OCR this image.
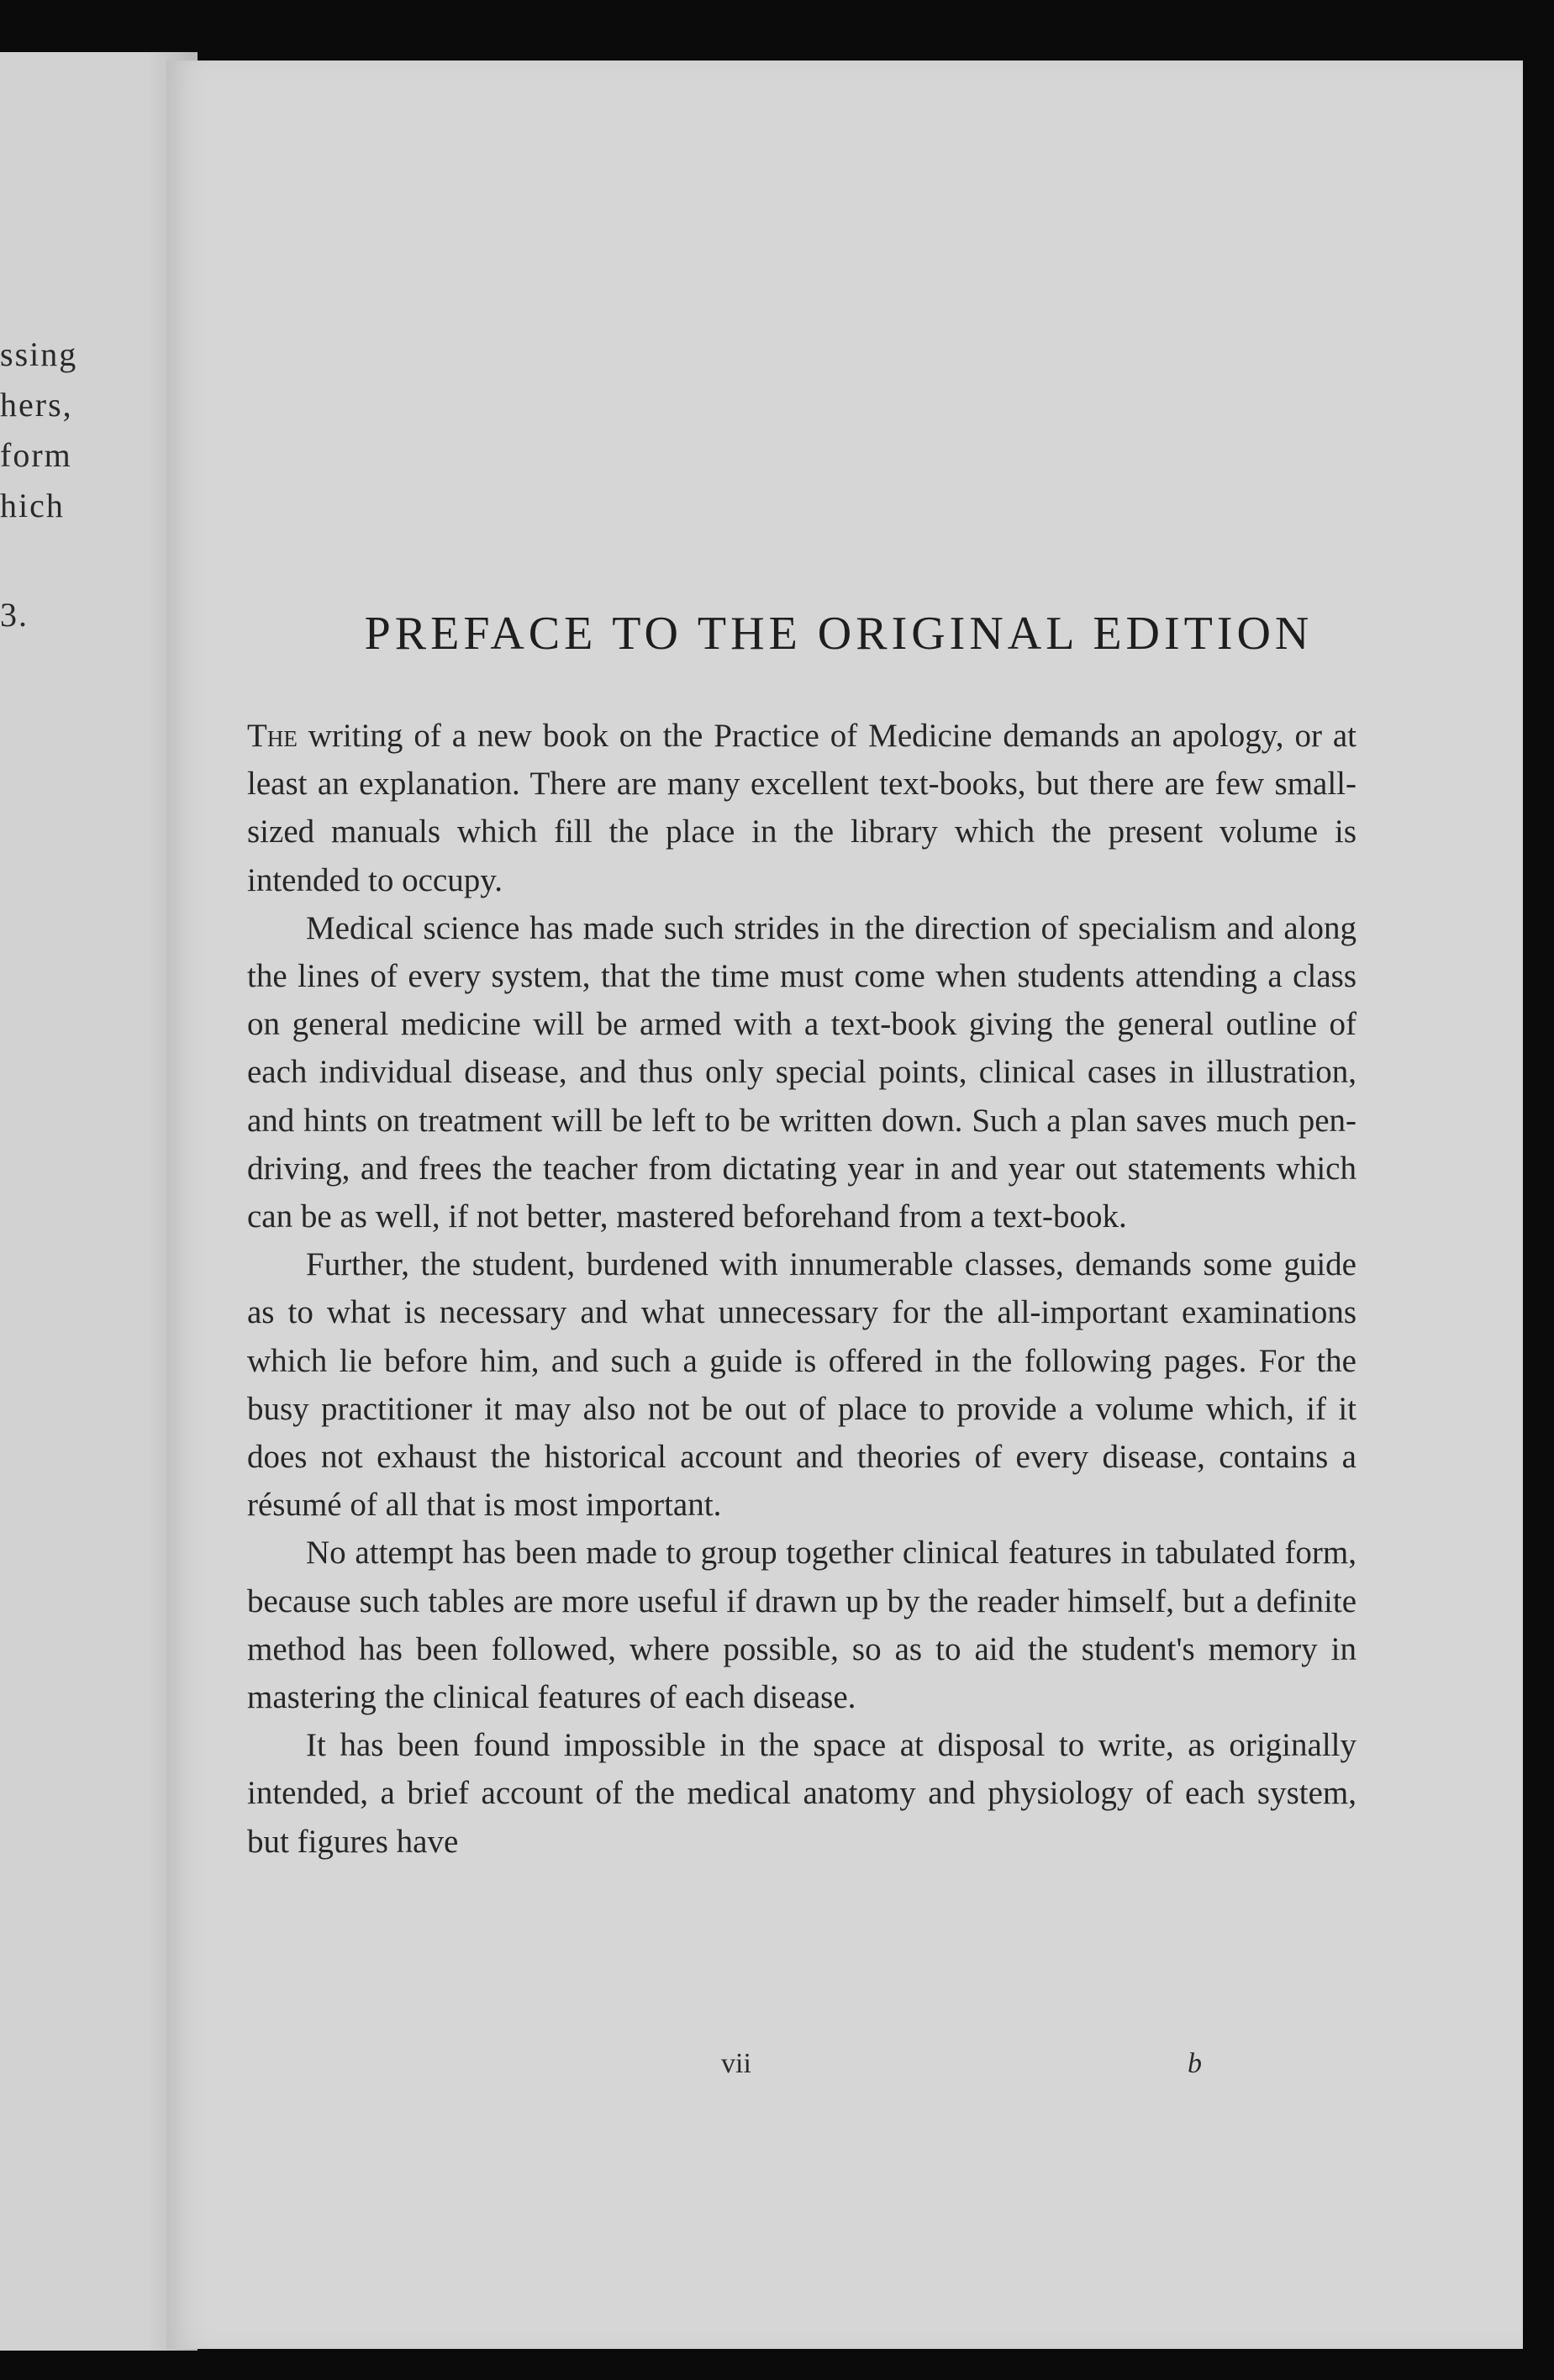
ssing
hers,
form
hich
3.	PREFACE TO THE ORIGINAL EDITION

The writing of a new book on the Practice of Medicine demands an apology, or at least an explanation. There are many excellent text-books, but there are few small-sized manuals which fill the place in the library which the present volume is intended to occupy.

Medical science has made such strides in the direction of specialism and along the lines of every system, that the time must come when students attending a class on general medicine will be armed with a text-book giving the general outline of each individual disease, and thus only special points, clinical cases in illustration, and hints on treatment will be left to be written down. Such a plan saves much pen-driving, and frees the teacher from dictating year in and year out statements which can be as well, if not better, mastered beforehand from a text-book.

Further, the student, burdened with innumerable classes, demands some guide as to what is necessary and what unnecessary for the all-important examinations which lie before him, and such a guide is offered in the following pages. For the busy practitioner it may also not be out of place to provide a volume which, if it does not exhaust the historical account and theories of every disease, contains a résumé of all that is most important.

No attempt has been made to group together clinical features in tabulated form, because such tables are more useful if drawn up by the reader himself, but a definite method has been followed, where possible, so as to aid the student's memory in mastering the clinical features of each disease.

It has been found impossible in the space at disposal to write, as originally intended, a brief account of the medical anatomy and physiology of each system, but figures have

vii	b
